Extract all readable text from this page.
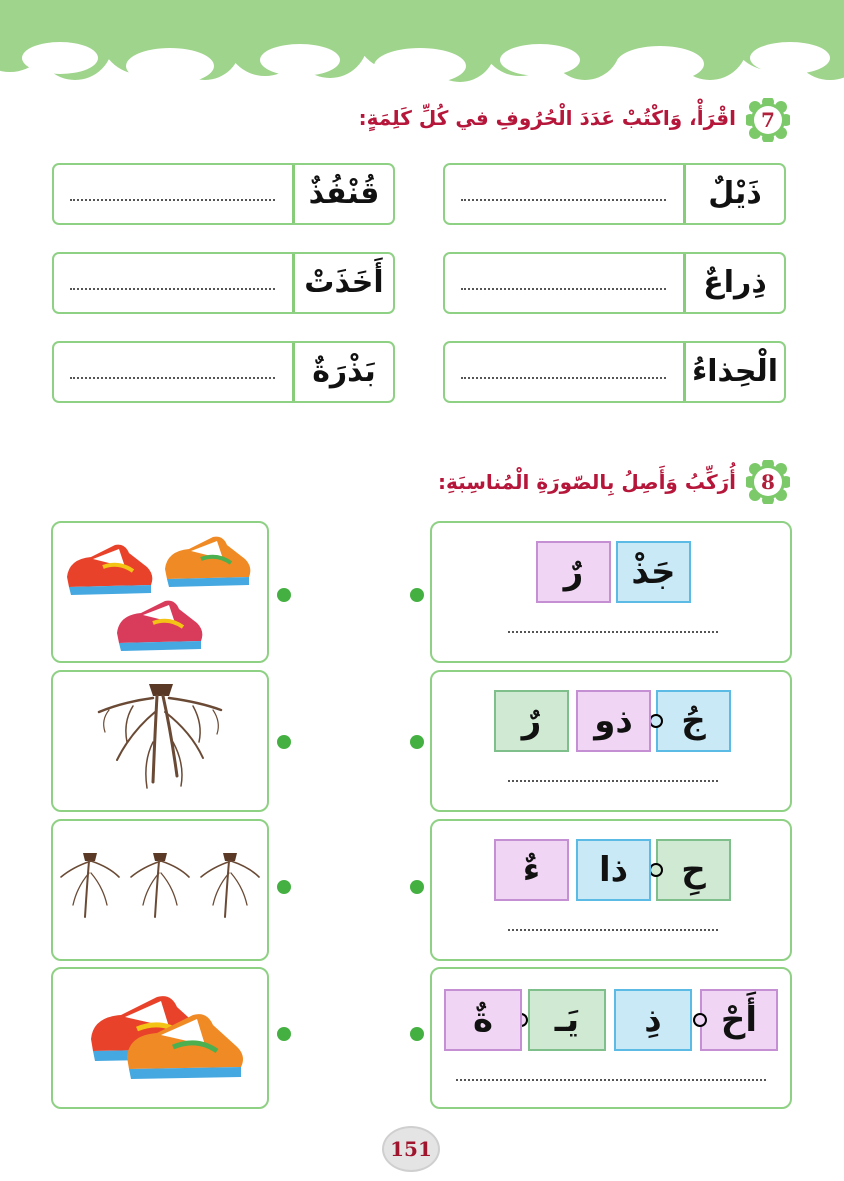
7
اقْرَأْ، وَاكْتُبْ عَدَدَ الْحُرُوفِ في كُلِّ كَلِمَةٍ:
ذَيْلٌ
قُنْفُذٌ
ذِراعٌ
أَخَذَتْ
الْحِذاءُ
بَذْرَةٌ
8
أُرَكِّبُ وَأَصِلُ بِالصّورَةِ الْمُناسِبَةِ:
جَذْ
رٌ
جُ
ذو
رٌ
حِ
ذا
ءٌ
أَحْ
ذِ
يَـ
ةٌ
151
